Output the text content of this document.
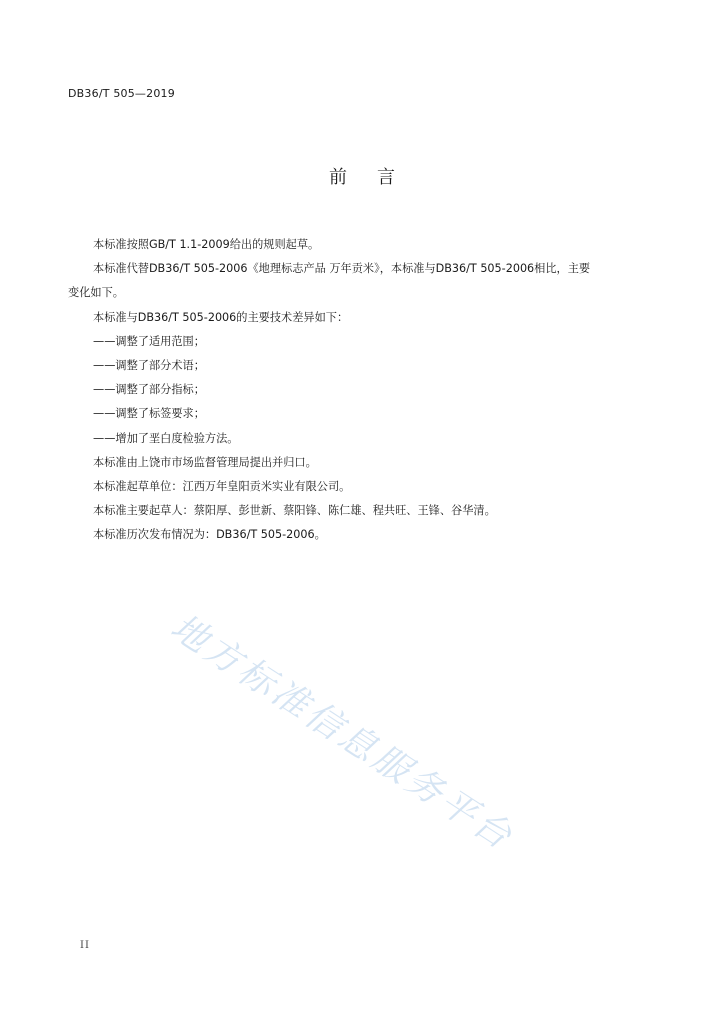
DB36/T 505—2019
前 言

本标准按照GB/T 1.1-2009给出的规则起草。

本标准代替DB36/T 505-2006《地理标志产品 万年贡米》，本标准与DB36/T 505-2006相比，主要

变化如下。

本标准与DB36/T 505-2006的主要技术差异如下：

——调整了适用范围；

——调整了部分术语；

——调整了部分指标；

——调整了标签要求；

——增加了垩白度检验方法。

本标准由上饶市市场监督管理局提出并归口。

本标准起草单位：江西万年皇阳贡米实业有限公司。

本标准主要起草人：蔡阳厚、彭世新、蔡阳锋、陈仁雄、程共旺、王锋、谷华清。

本标准历次发布情况为：DB36/T 505-2006。

地方标准信息服务平台
II
